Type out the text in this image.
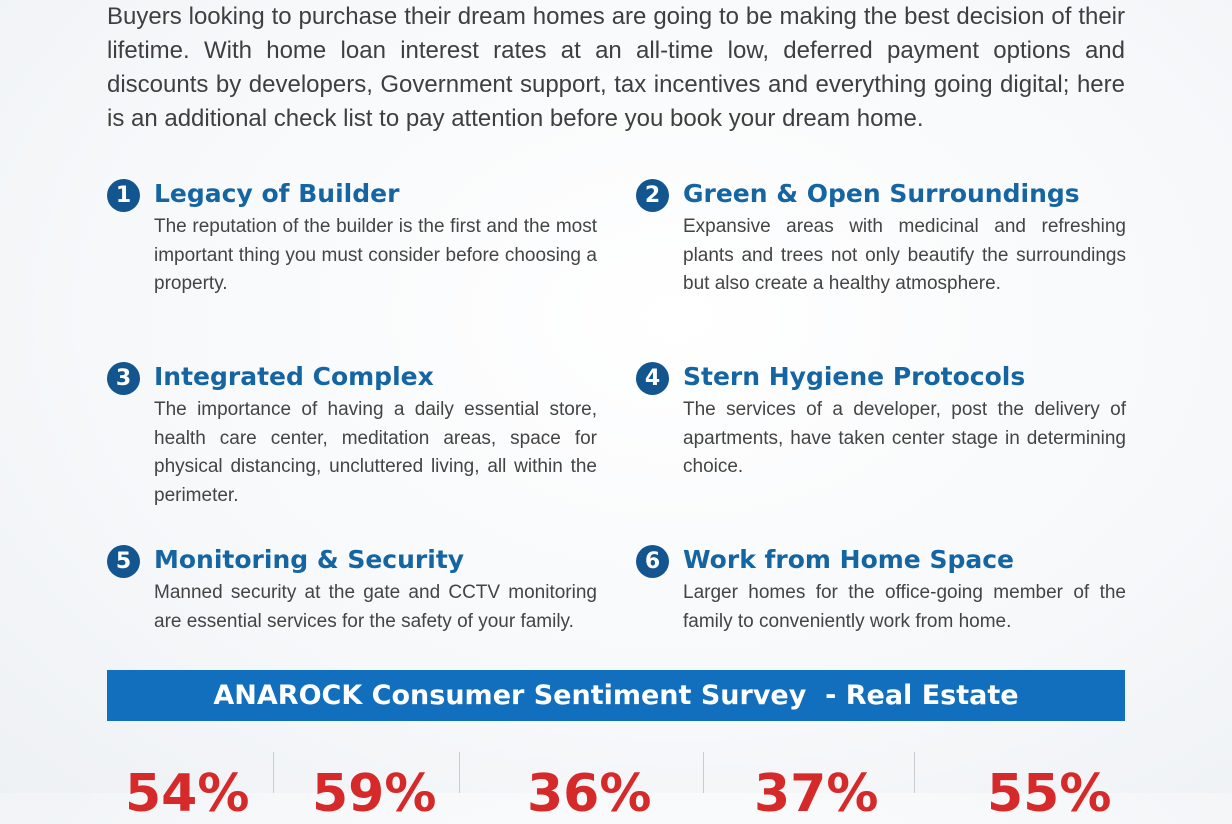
Buyers looking to purchase their dream homes are going to be making the best decision of their lifetime. With home loan interest rates at an all-time low, deferred payment options and discounts by developers, Government support, tax incentives and everything going digital; here is an additional check list to pay attention before you book your dream home.

1 Legacy of Builder

The reputation of the builder is the first and the most important thing you must consider before choosing a property.

2 Green & Open Surroundings

Expansive areas with medicinal and refreshing plants and trees not only beautify the surroundings but also create a healthy atmosphere.

3 Integrated Complex

The importance of having a daily essential store, health care center, meditation areas, space for physical distancing, uncluttered living, all within the perimeter.

4 Stern Hygiene Protocols

The services of a developer, post the delivery of apartments, have taken center stage in determining choice.

5 Monitoring & Security

Manned security at the gate and CCTV monitoring are essential services for the safety of your family.

6 Work from Home Space

Larger homes for the office-going member of the family to conveniently work from home.

ANAROCK Consumer Sentiment Survey  - Real Estate
54% 59% 36% 37% 55%
